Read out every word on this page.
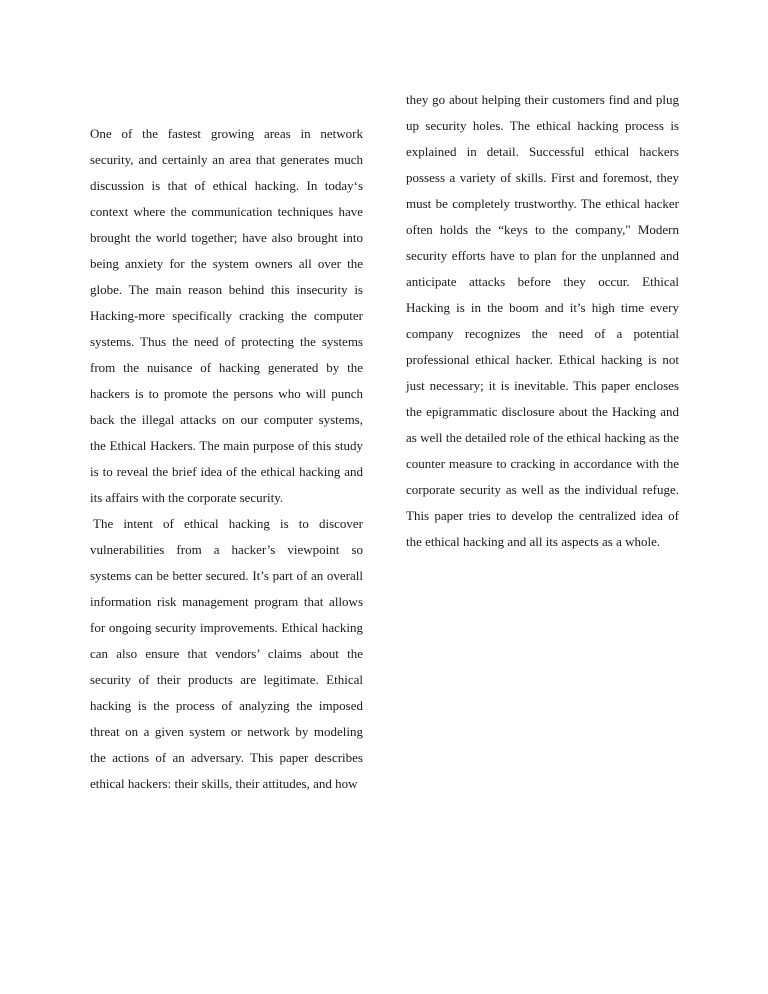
One of the fastest growing areas in network security, and certainly an area that generates much discussion is that of ethical hacking. In today‘s context where the communication techniques have brought the world together; have also brought into being anxiety for the system owners all over the globe. The main reason behind this insecurity is Hacking-more specifically cracking the computer systems. Thus the need of protecting the systems from the nuisance of hacking generated by the hackers is to promote the persons who will punch back the illegal attacks on our computer systems, the Ethical Hackers. The main purpose of this study is to reveal the brief idea of the ethical hacking and its affairs with the corporate security.

The intent of ethical hacking is to discover vulnerabilities from a hacker’s viewpoint so systems can be better secured. It’s part of an overall information risk management program that allows for ongoing security improvements. Ethical hacking can also ensure that vendors’ claims about the security of their products are legitimate. Ethical hacking is the process of analyzing the imposed threat on a given system or network by modeling the actions of an adversary. This paper describes ethical hackers: their skills, their attitudes, and how

they go about helping their customers find and plug up security holes. The ethical hacking process is explained in detail. Successful ethical hackers possess a variety of skills. First and foremost, they must be completely trustworthy. The ethical hacker often holds the “keys to the company," Modern security efforts have to plan for the unplanned and anticipate attacks before they occur. Ethical Hacking is in the boom and it’s high time every company recognizes the need of a potential professional ethical hacker. Ethical hacking is not just necessary; it is inevitable. This paper encloses the epigrammatic disclosure about the Hacking and as well the detailed role of the ethical hacking as the counter measure to cracking in accordance with the corporate security as well as the individual refuge. This paper tries to develop the centralized idea of the ethical hacking and all its aspects as a whole.
